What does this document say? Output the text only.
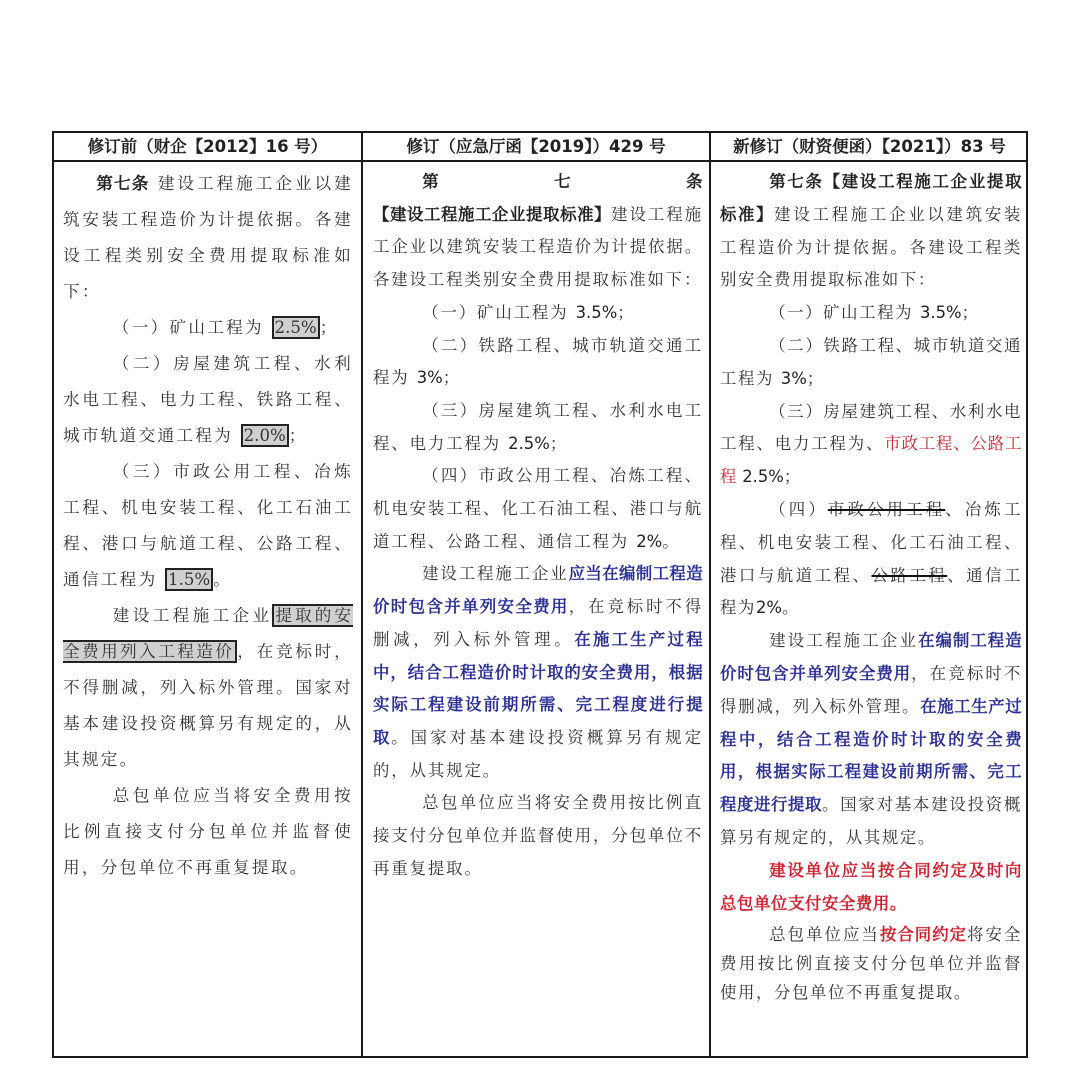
修订前（财企【2012】16 号）	修订（应急厅函【2019】）429 号	新修订（财资便函）【2021】）83 号

第七条 建设工程施工企业以建筑安装工程造价为计提依据。各建设工程类别安全费用提取标准如下：

（一）矿山工程为 2.5% ；

（二）房屋建筑工程、水利水电工程、电力工程、铁路工程、城市轨道交通工程为 2.0% ；

（三）市政公用工程、冶炼工程、机电安装工程、化工石油工程、港口与航道工程、公路工程、通信工程为 1.5% 。

建设工程施工企业 提取的安全费用列入工程造价 ，在竞标时，不得删减，列入标外管理。国家对基本建设投资概算另有规定的，从其规定。

总包单位应当将安全费用按比例直接支付分包单位并监督使用，分包单位不再重复提取。

第七条【建设工程施工企业提取标准】建设工程施工企业以建筑安装工程造价为计提依据。各建设工程类别安全费用提取标准如下：

（一）矿山工程为 3.5%；

（二）铁路工程、城市轨道交通工程为 3%；

（三）房屋建筑工程、水利水电工程、电力工程为 2.5%；

（四）市政公用工程、冶炼工程、机电安装工程、化工石油工程、港口与航道工程、公路工程、通信工程为 2%。

建设工程施工企业应当在编制工程造价时包含并单列安全费用，在竞标时不得删减，列入标外管理。在施工生产过程中，结合工程造价时计取的安全费用，根据实际工程建设前期所需、完工程度进行提取。国家对基本建设投资概算另有规定的，从其规定。

总包单位应当将安全费用按比例直接支付分包单位并监督使用，分包单位不再重复提取。

第七条【建设工程施工企业提取标准】建设工程施工企业以建筑安装工程造价为计提依据。各建设工程类别安全费用提取标准如下：

（一）矿山工程为 3.5%；

（二）铁路工程、城市轨道交通工程为 3%；

（三）房屋建筑工程、水利水电工程、电力工程为、市政工程、公路工程 2.5%；

（四）市政公用工程、冶炼工程、机电安装工程、化工石油工程、港口与航道工程、公路工程、通信工程为2%。

建设工程施工企业在编制工程造价时包含并单列安全费用，在竞标时不得删减，列入标外管理。在施工生产过程中，结合工程造价时计取的安全费用，根据实际工程建设前期所需、完工程度进行提取。国家对基本建设投资概算另有规定的，从其规定。

建设单位应当按合同约定及时向总包单位支付安全费用。

总包单位应当按合同约定将安全费用按比例直接支付分包单位并监督使用，分包单位不再重复提取。
